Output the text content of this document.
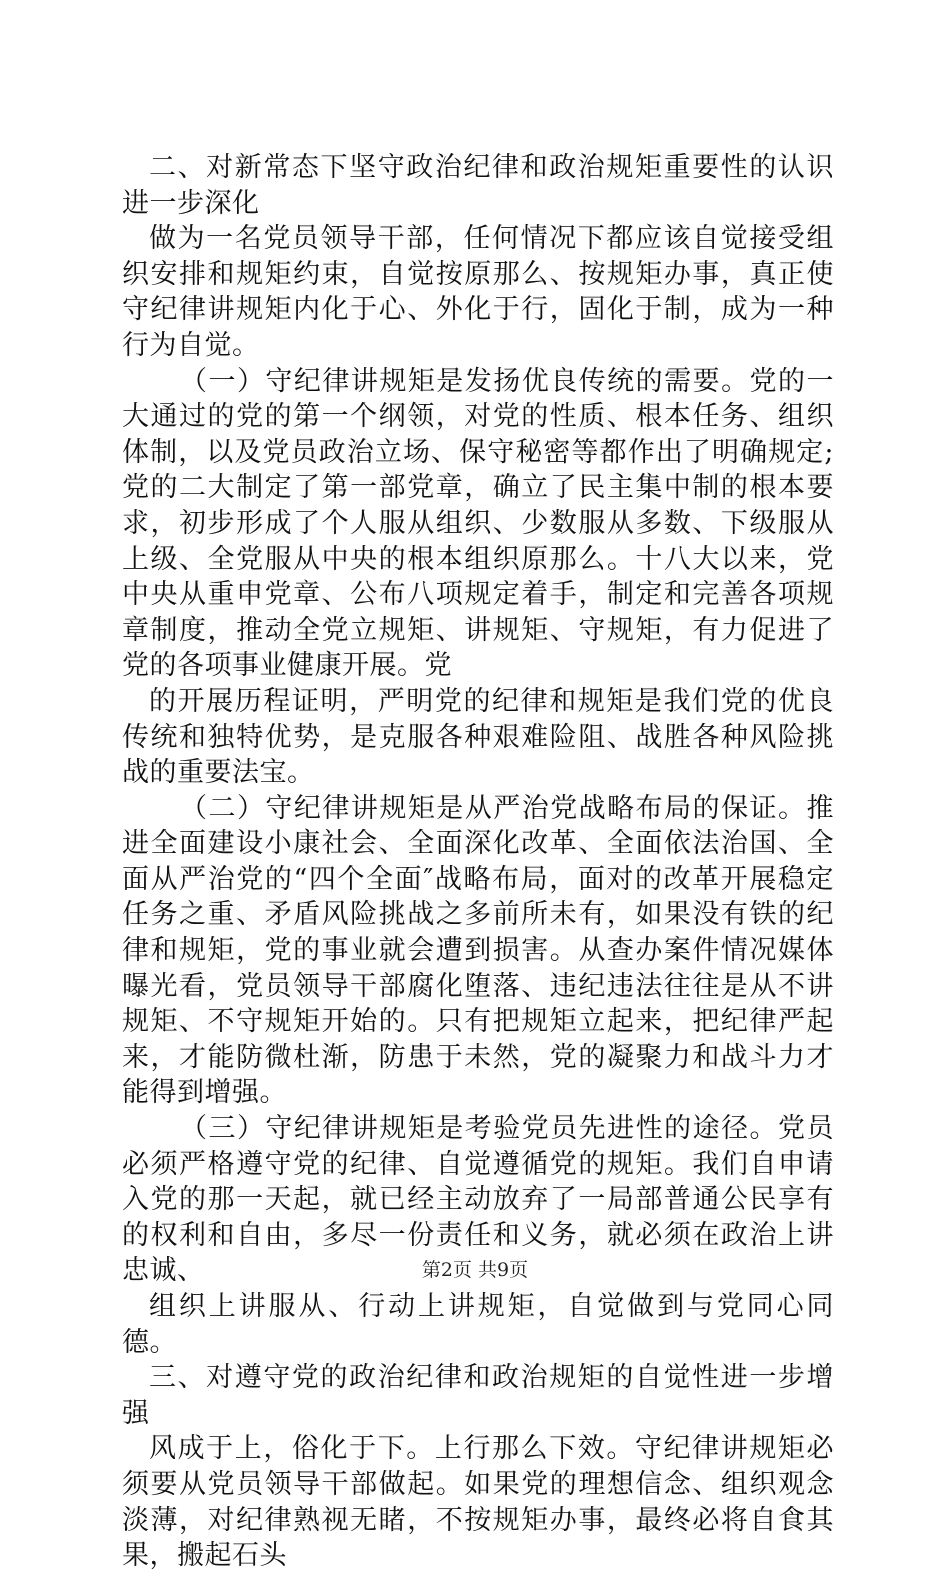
二、对新常态下坚守政治纪律和政治规矩重要性的认识进一步深化

做为一名党员领导干部，任何情况下都应该自觉接受组织安排和规矩约束，自觉按原那么、按规矩办事，真正使守纪律讲规矩内化于心、外化于行，固化于制，成为一种行为自觉。

（一）守纪律讲规矩是发扬优良传统的需要。党的一大通过的党的第一个纲领，对党的性质、根本任务、组织体制，以及党员政治立场、保守秘密等都作出了明确规定;党的二大制定了第一部党章，确立了民主集中制的根本要求，初步形成了个人服从组织、少数服从多数、下级服从上级、全党服从中央的根本组织原那么。十八大以来，党中央从重申党章、公布八项规定着手，制定和完善各项规章制度，推动全党立规矩、讲规矩、守规矩，有力促进了党的各项事业健康开展。党

的开展历程证明，严明党的纪律和规矩是我们党的优良传统和独特优势，是克服各种艰难险阻、战胜各种风险挑战的重要法宝。

（二）守纪律讲规矩是从严治党战略布局的保证。推进全面建设小康社会、全面深化改革、全面依法治国、全面从严治党的“四个全面″战略布局，面对的改革开展稳定任务之重、矛盾风险挑战之多前所未有，如果没有铁的纪律和规矩，党的事业就会遭到损害。从查办案件情况媒体曝光看，党员领导干部腐化堕落、违纪违法往往是从不讲规矩、不守规矩开始的。只有把规矩立起来，把纪律严起来，才能防微杜渐，防患于未然，党的凝聚力和战斗力才能得到增强。

（三）守纪律讲规矩是考验党员先进性的途径。党员必须严格遵守党的纪律、自觉遵循党的规矩。我们自申请入党的那一天起，就已经主动放弃了一局部普通公民享有的权利和自由，多尽一份责任和义务，就必须在政治上讲忠诚、

组织上讲服从、行动上讲规矩，自觉做到与党同心同德。

三、对遵守党的政治纪律和政治规矩的自觉性进一步增强

风成于上，俗化于下。上行那么下效。守纪律讲规矩必须要从党员领导干部做起。如果党的理想信念、组织观念淡薄，对纪律熟视无睹，不按规矩办事，最终必将自食其果，搬起石头

第2页 共9页
